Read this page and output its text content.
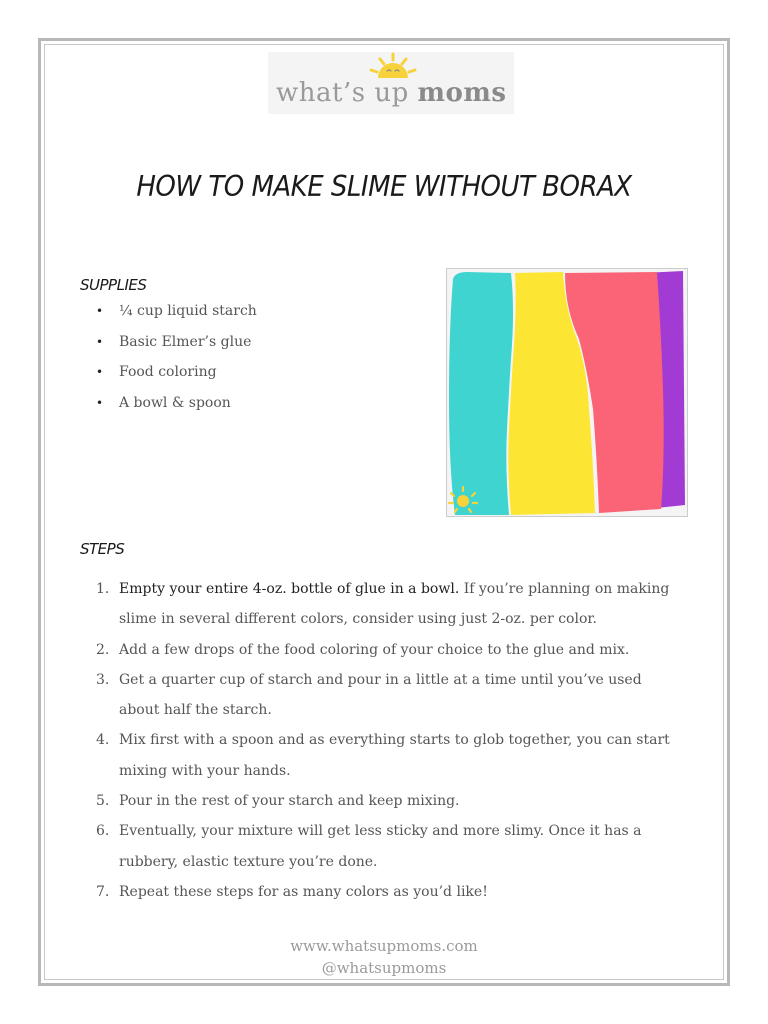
what’s up moms
HOW TO MAKE SLIME WITHOUT BORAX
SUPPLIES
• ¼ cup liquid starch
• Basic Elmer’s glue
• Food coloring
• A bowl & spoon
STEPS
1. Empty your entire 4-oz. bottle of glue in a bowl. If you’re planning on making slime in several different colors, consider using just 2-oz. per color.
2. Add a few drops of the food coloring of your choice to the glue and mix.
3. Get a quarter cup of starch and pour in a little at a time until you’ve used about half the starch.
4. Mix first with a spoon and as everything starts to glob together, you can start mixing with your hands.
5. Pour in the rest of your starch and keep mixing.
6. Eventually, your mixture will get less sticky and more slimy. Once it has a rubbery, elastic texture you’re done.
7. Repeat these steps for as many colors as you’d like!
www.whatsupmoms.com
@whatsupmoms
